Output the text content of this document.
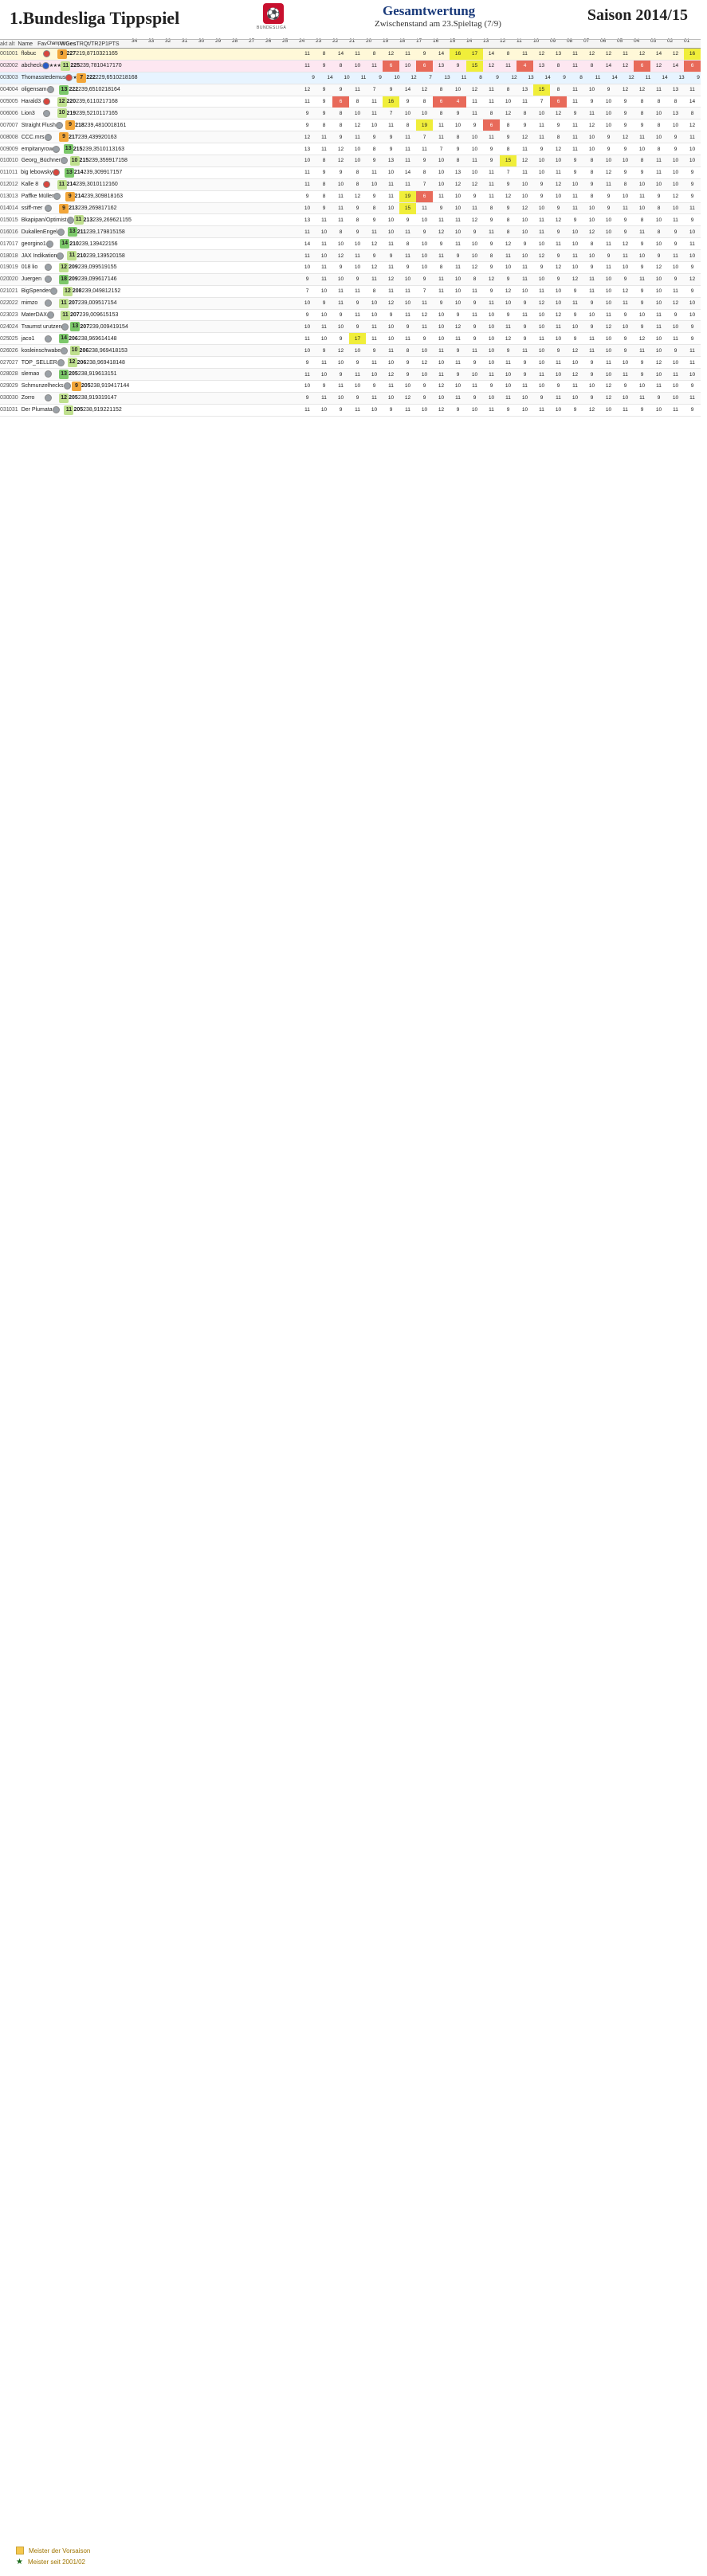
1.Bundesliga Tippspiel	⚽
BUNDESLIGA
Gesamtwertung
Zwischenstand am 23.Spieltag (7/9)	Saison 2014/15
akt alt Name Fav Champ W Ges TR Qt/TR 2P 1P TS 34 33 32 31 30 29 28 27 26 25 24 23 22 21 20 19 18 17 16 15 14 13 12 11 10 09 08 07 06 05 04 03 02 01
001 001 flobuc	9 227 21 9,87 103 21 165	11	8	14	11	8	12	11	9	14	16	17	14	8	11	12	13	11	12	12	11	12	14	12	16
002 002 abcheck ★★★ 11 225 23 9,78 104 17 170	11	9	8	10	11	6	10	6	13	9	15	12	11	4	13	8	11	8	14	12	6	12	14	6
003 003 Thomasstedemus ★ 7 222 22 9,65 102 18 168	9	14	10	11	9	10	12	7	13	11	8	9	12	13	14	9	8	11	14	12	11	14	13	9
004 004 oligensam	13 222 23 9,65 102 18 164	12	9	9	11	7	9	14	12	8	10	12	11	8	13	15	8	11	10	9	12	12	11	13	11
005 005 Harald3	12 220 23 9,61 102 17 168	11	9	6	8	11	16	9	8	6	4	11	11	10	11	7	6	11	9	10	9	8	8	8	14
006 006 Lion3	10 219 23 9,52 101 17 165	9	9	8	10	11	7	10	10	8	9	11	8	12	8	10	12	9	11	10	9	8	10	13	8
007 007 Straight Flush	9 218 23 9,48 100 18 161	9	8	8	12	10	11	8	19	11	10	9	6	8	9	11	9	11	12	10	9	9	8	10	12
008 008 CCC.mrs	9 217 23 9,43 99 20 163	12	11	9	11	9	9	11	7	11	8	10	11	9	12	11	8	11	10	9	12	11	10	9	11
009 009 empitanyrow 13 215 23 9,35 101 13 163	13	11	12	10	8	9	11	11	7	9	10	9	8	11	9	12	11	10	9	9	10	8	9	10
010 010 Georg_Büchner 10 215 23 9,35 99 17 158	10	8	12	10	9	13	11	9	10	8	11	9	15	12	10	10	9	8	10	10	8	11	10	10
011 011 big lebowsky 13 214 23 9,30 99 17 157	11	9	9	8	11	10	14	8	10	13	10	11	7	11	10	11	9	8	12	9	9	11	10	9
012 012 Kalle 8	11 214 23 9,30 101 12 160	11	8	10	8	10	11	11	7	10	12	12	11	9	10	9	12	10	9	11	8	10	10	10	9
013 013 Paffke Müller	9 214 23 9,30 98 18 163	9	8	11	12	9	11	19	6	11	10	9	11	12	10	9	10	11	8	9	10	11	9	12	9
014 014 ssiff-mer	9 213 23 9,26 98 17 162	10	9	11	9	8	10	15	11	9	10	11	8	9	12	10	9	11	10	9	11	10	8	10	11
015 015 Bkapipan/Optimist	11 213 23 9,26 96 21 155	13	11	11	8	9	10	9	10	11	11	12	9	8	10	11	12	9	10	10	9	8	10	11	9
016 016 DukallenEngel 13 211 23 9,17 98 15 158	11	10	8	9	11	10	11	9	12	10	9	11	8	10	11	9	10	12	10	9	11	8	9	10
017 017 georgino1	14 210 23 9,13 94 22 156	14	11	10	10	12	11	8	10	9	11	10	9	12	9	10	11	10	8	11	12	9	10	9	11
018 018 JAX Indikation	11 210 23 9,13 95 20 158	11	10	12	11	9	9	11	10	11	9	10	8	11	10	12	9	11	10	9	11	10	9	11	10
019 019 018 lio	12 209 23 9,09 95 19 155	10	11	9	10	12	11	9	10	8	11	12	9	10	11	9	12	10	9	11	10	9	12	10	9
020 020 Juergen	18 209 23 9,09 96 17 146	9	11	10	9	11	12	10	9	11	10	8	12	9	11	10	9	12	11	10	9	11	10	9	12
021 021 BigSpender	12 208 23 9,04 98 12 152	7	10	11	11	8	11	11	7	11	10	11	9	12	10	11	10	9	11	10	12	9	10	11	9
022 022 mimzo	11 207 23 9,00 95 17 154	10	9	11	9	10	12	10	11	9	10	9	11	10	9	12	10	11	9	10	11	9	10	12	10
023 023 MaterDAX	11 207 23 9,00 96 15 153	9	10	9	11	10	9	11	12	10	9	11	10	9	11	10	12	9	10	11	9	10	11	9	10
024 024 Traumst urutzen 13 207 23 9,00 94 19 154	10	11	10	9	11	10	9	11	10	12	9	10	11	9	10	11	10	9	12	10	9	11	10	9
025 025 jaco1	14 206 23 8,96 96 14 148	11	10	9	17	11	10	11	9	10	11	9	10	12	9	11	10	9	11	10	9	12	10	11	9
026 026 kosleinschwabe 10 206 23 8,96 94 18 153	10	9	12	10	9	11	8	10	11	9	11	10	9	11	10	9	12	11	10	9	11	10	9	11
027 027 TOP_SELLER 12 206 23 8,96 94 18 148	9	11	10	9	11	10	9	12	10	11	9	10	11	9	10	11	10	9	11	10	9	12	10	11
028 028 slemao	13 205 23 8,91 96 13 151	11	10	9	11	10	12	9	10	11	9	10	11	10	9	11	10	12	9	10	11	9	10	11	10
029 029 Schmunzelhecks	9 205 23 8,91 94 17 144	10	9	11	10	9	11	10	9	12	10	11	9	10	11	10	9	11	10	12	9	10	11	10	9
030 030 Zorro	12 205 23 8,91 93 19 147	9	11	10	9	11	10	12	9	10	11	9	10	11	10	9	11	10	9	12	10	11	9	10	11
031 031 Der Plumata	11 205 23 8,91 92 21 152	11	10	9	11	10	9	11	10	12	9	10	11	9	10	11	10	9	12	10	11	9	10	11	9
Meister der Vorsaison
★ Meister seit 2001/02
